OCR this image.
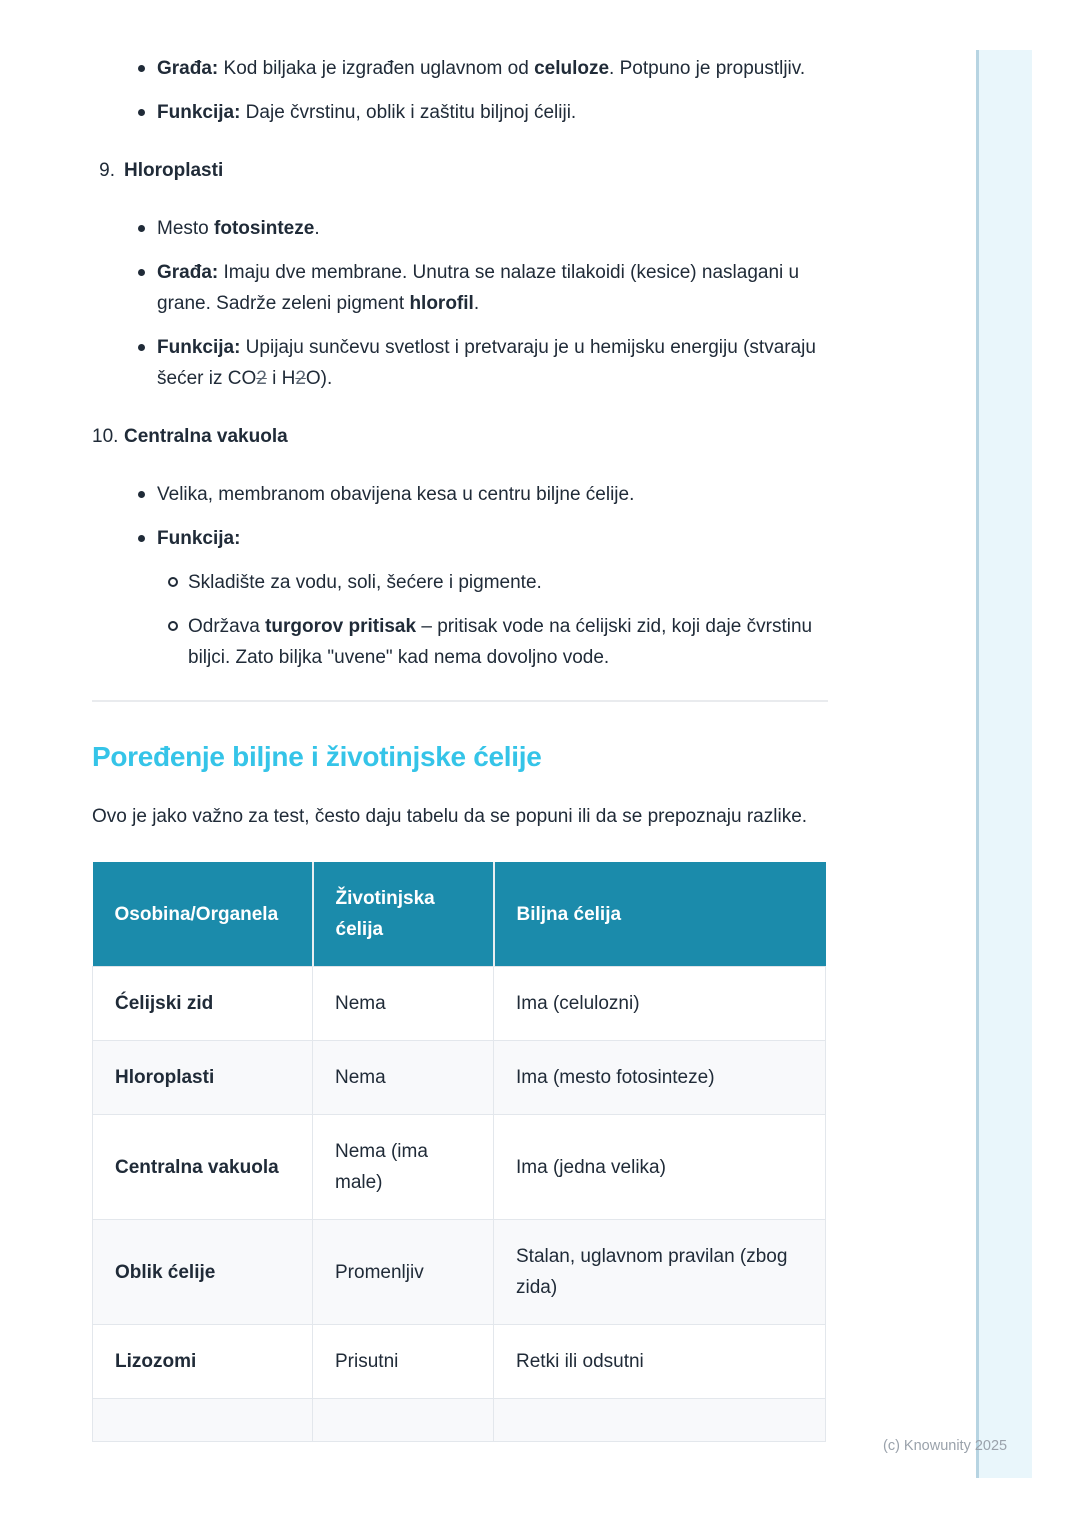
Građa: Kod biljaka je izgrađen uglavnom od celuloze. Potpuno je propustljiv.
Funkcija: Daje čvrstinu, oblik i zaštitu biljnoj ćeliji.
9. Hloroplasti
Mesto fotosinteze.
Građa: Imaju dve membrane. Unutra se nalaze tilakoidi (kesice) naslagani u grane. Sadrže zeleni pigment hlorofil.
Funkcija: Upijaju sunčevu svetlost i pretvaraju je u hemijsku energiju (stvaraju šećer iz CO2 i H2O).
10. Centralna vakuola
Velika, membranom obavijena kesa u centru biljne ćelije.
Funkcija:
Skladište za vodu, soli, šećere i pigmente.
Održava turgorov pritisak – pritisak vode na ćelijski zid, koji daje čvrstinu biljci. Zato biljka "uvene" kad nema dovoljno vode.
Poređenje biljne i životinjske ćelije

Ovo je jako važno za test, često daju tabelu da se popuni ili da se prepoznaju razlike.

Osobina/Organela	Životinjska ćelija	Biljna ćelija
Ćelijski zid	Nema	Ima (celulozni)
Hloroplasti	Nema	Ima (mesto fotosinteze)
Centralna vakuola	Nema (ima male)	Ima (jedna velika)
Oblik ćelije	Promenljiv	Stalan, uglavnom pravilan (zbog zida)
Lizozomi	Prisutni	Retki ili odsutni

(c) Knowunity 2025
